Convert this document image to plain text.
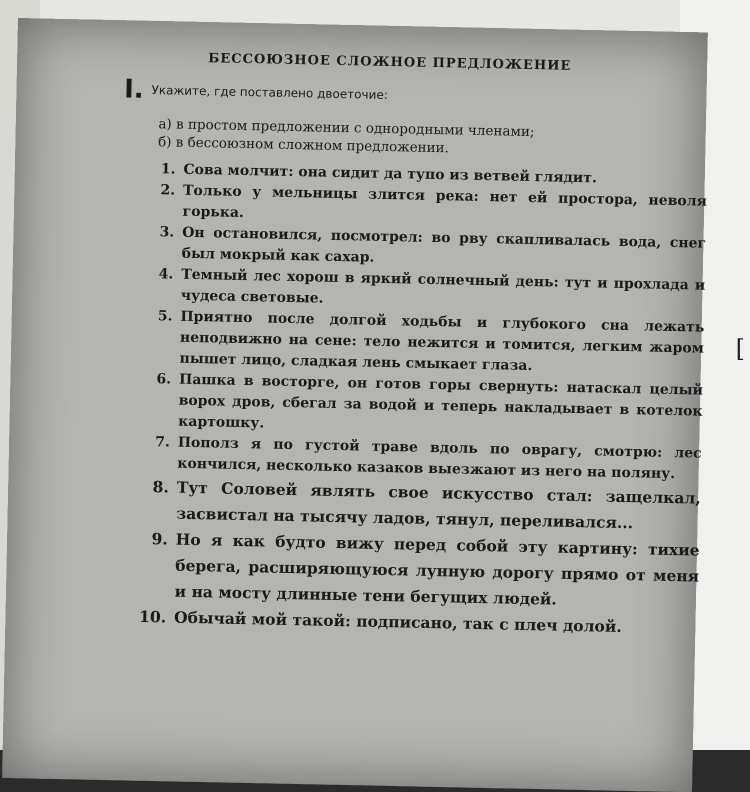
БЕССОЮЗНОЕ СЛОЖНОЕ ПРЕДЛОЖЕНИЕ
I. Укажите, где поставлено двоеточие:
а) в простом предложении с однородными членами;
б) в бессоюзном сложном предложении.
1. Сова молчит: она сидит да тупо из ветвей глядит.
2. Только у мельницы злится река: нет ей простора, неволя горька.
3. Он остановился, посмотрел: во рву скапливалась вода, снег был мокрый как сахар.
4. Темный лес хорош в яркий солнечный день: тут и прохлада и чудеса световые.
5. Приятно после долгой ходьбы и глубокого сна лежать неподвижно на сене: тело нежится и томится, легким жаром пышет лицо, сладкая лень смыкает глаза.
6. Пашка в восторге, он готов горы свернуть: натаскал целый ворох дров, сбегал за водой и теперь накладывает в котелок картошку.
7. Пополз я по густой траве вдоль по оврагу, смотрю: лес кончился, несколько казаков выезжают из него на поляну.
8. Тут Соловей являть свое искусство стал: защелкал, засвистал на тысячу ладов, тянул, переливался...
9. Но я как будто вижу перед собой эту картину: тихие берега, расширяющуюся лунную дорогу прямо от меня и на мосту длинные тени бегущих людей.
10. Обычай мой такой: подписано, так с плеч долой.
[
